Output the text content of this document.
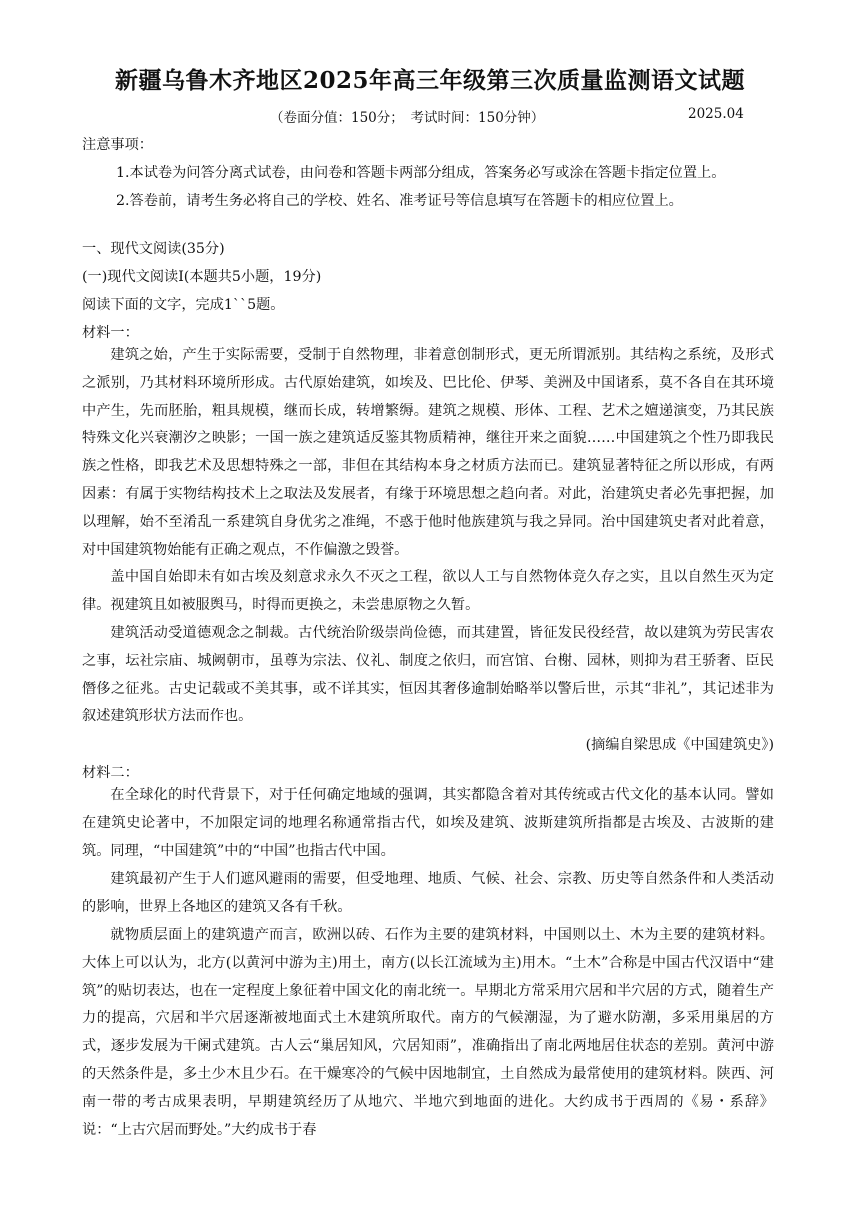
新疆乌鲁木齐地区2025年高三年级第三次质量监测语文试题
（卷面分值：150分；　考试时间：150分钟）	2025.04
注意事项：
1.本试卷为问答分离式试卷，由问卷和答题卡两部分组成，答案务必写或涂在答题卡指定位置上。
2.答卷前，请考生务必将自己的学校、姓名、准考证号等信息填写在答题卡的相应位置上。
一、现代文阅读(35分)
(一)现代文阅读Ⅰ(本题共5小题，19分)
阅读下面的文字，完成1``5题。
材料一：
建筑之始，产生于实际需要，受制于自然物理，非着意创制形式，更无所谓派别。其结构之系统，及形式之派别，乃其材料环境所形成。古代原始建筑，如埃及、巴比伦、伊琴、美洲及中国诸系，莫不各自在其环境中产生，先而胚胎，粗具规模，继而长成，转增繁缛。建筑之规模、形体、工程、艺术之嬗递演变，乃其民族特殊文化兴衰潮汐之映影；一国一族之建筑适反鉴其物质精神，继往开来之面貌……中国建筑之个性乃即我民族之性格，即我艺术及思想特殊之一部，非但在其结构本身之材质方法而已。建筑显著特征之所以形成，有两因素：有属于实物结构技术上之取法及发展者，有缘于环境思想之趋向者。对此，治建筑史者必先事把握，加以理解，始不至淆乱一系建筑自身优劣之准绳，不惑于他时他族建筑与我之异同。治中国建筑史者对此着意，对中国建筑物始能有正确之观点，不作偏激之毁誉。
盖中国自始即未有如古埃及刻意求永久不灭之工程，欲以人工与自然物体竞久存之实，且以自然生灭为定律。视建筑且如被服舆马，时得而更换之，未尝患原物之久暂。
建筑活动受道德观念之制裁。古代统治阶级崇尚俭德，而其建置，皆征发民役经营，故以建筑为劳民害农之事，坛社宗庙、城阙朝市，虽尊为宗法、仪礼、制度之依归，而宫馆、台榭、园林，则抑为君王骄奢、臣民僭侈之征兆。古史记载或不美其事，或不详其实，恒因其奢侈逾制始略举以警后世，示其“非礼”，其记述非为叙述建筑形状方法而作也。
(摘编自梁思成《中国建筑史》)
材料二：
在全球化的时代背景下，对于任何确定地域的强调，其实都隐含着对其传统或古代文化的基本认同。譬如在建筑史论著中，不加限定词的地理名称通常指古代，如埃及建筑、波斯建筑所指都是古埃及、古波斯的建筑。同理，“中国建筑”中的“中国”也指古代中国。
建筑最初产生于人们遮风避雨的需要，但受地理、地质、气候、社会、宗教、历史等自然条件和人类活动的影响，世界上各地区的建筑又各有千秋。
就物质层面上的建筑遗产而言，欧洲以砖、石作为主要的建筑材料，中国则以土、木为主要的建筑材料。大体上可以认为，北方(以黄河中游为主)用土，南方(以长江流域为主)用木。“土木”合称是中国古代汉语中“建筑”的贴切表达，也在一定程度上象征着中国文化的南北统一。早期北方常采用穴居和半穴居的方式，随着生产力的提高，穴居和半穴居逐渐被地面式土木建筑所取代。南方的气候潮湿，为了避水防潮，多采用巢居的方式，逐步发展为干阑式建筑。古人云“巢居知风，穴居知雨”，准确指出了南北两地居住状态的差别。黄河中游的天然条件是，多土少木且少石。在干燥寒冷的气候中因地制宜，土自然成为最常使用的建筑材料。陕西、河南一带的考古成果表明，早期建筑经历了从地穴、半地穴到地面的进化。大约成书于西周的《易・系辞》说：“上古穴居而野处。”大约成书于春
